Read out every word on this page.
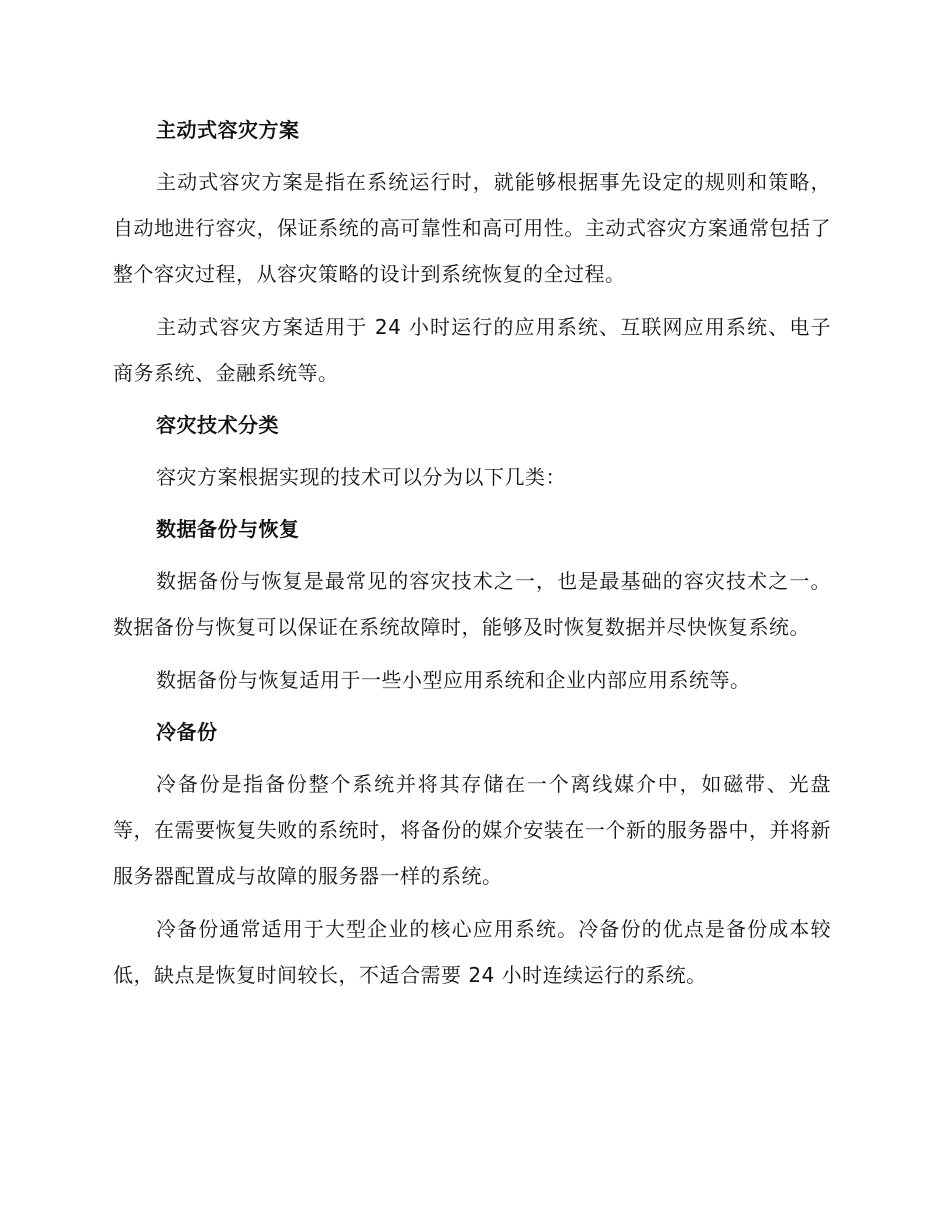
主动式容灾方案
主动式容灾方案是指在系统运行时，就能够根据事先设定的规则和策略，自动地进行容灾，保证系统的高可靠性和高可用性。主动式容灾方案通常包括了整个容灾过程，从容灾策略的设计到系统恢复的全过程。
主动式容灾方案适用于 24 小时运行的应用系统、互联网应用系统、电子商务系统、金融系统等。
容灾技术分类
容灾方案根据实现的技术可以分为以下几类：
数据备份与恢复
数据备份与恢复是最常见的容灾技术之一，也是最基础的容灾技术之一。数据备份与恢复可以保证在系统故障时，能够及时恢复数据并尽快恢复系统。
数据备份与恢复适用于一些小型应用系统和企业内部应用系统等。
冷备份
冷备份是指备份整个系统并将其存储在一个离线媒介中，如磁带、光盘等，在需要恢复失败的系统时，将备份的媒介安装在一个新的服务器中，并将新服务器配置成与故障的服务器一样的系统。
冷备份通常适用于大型企业的核心应用系统。冷备份的优点是备份成本较低，缺点是恢复时间较长，不适合需要 24 小时连续运行的系统。
